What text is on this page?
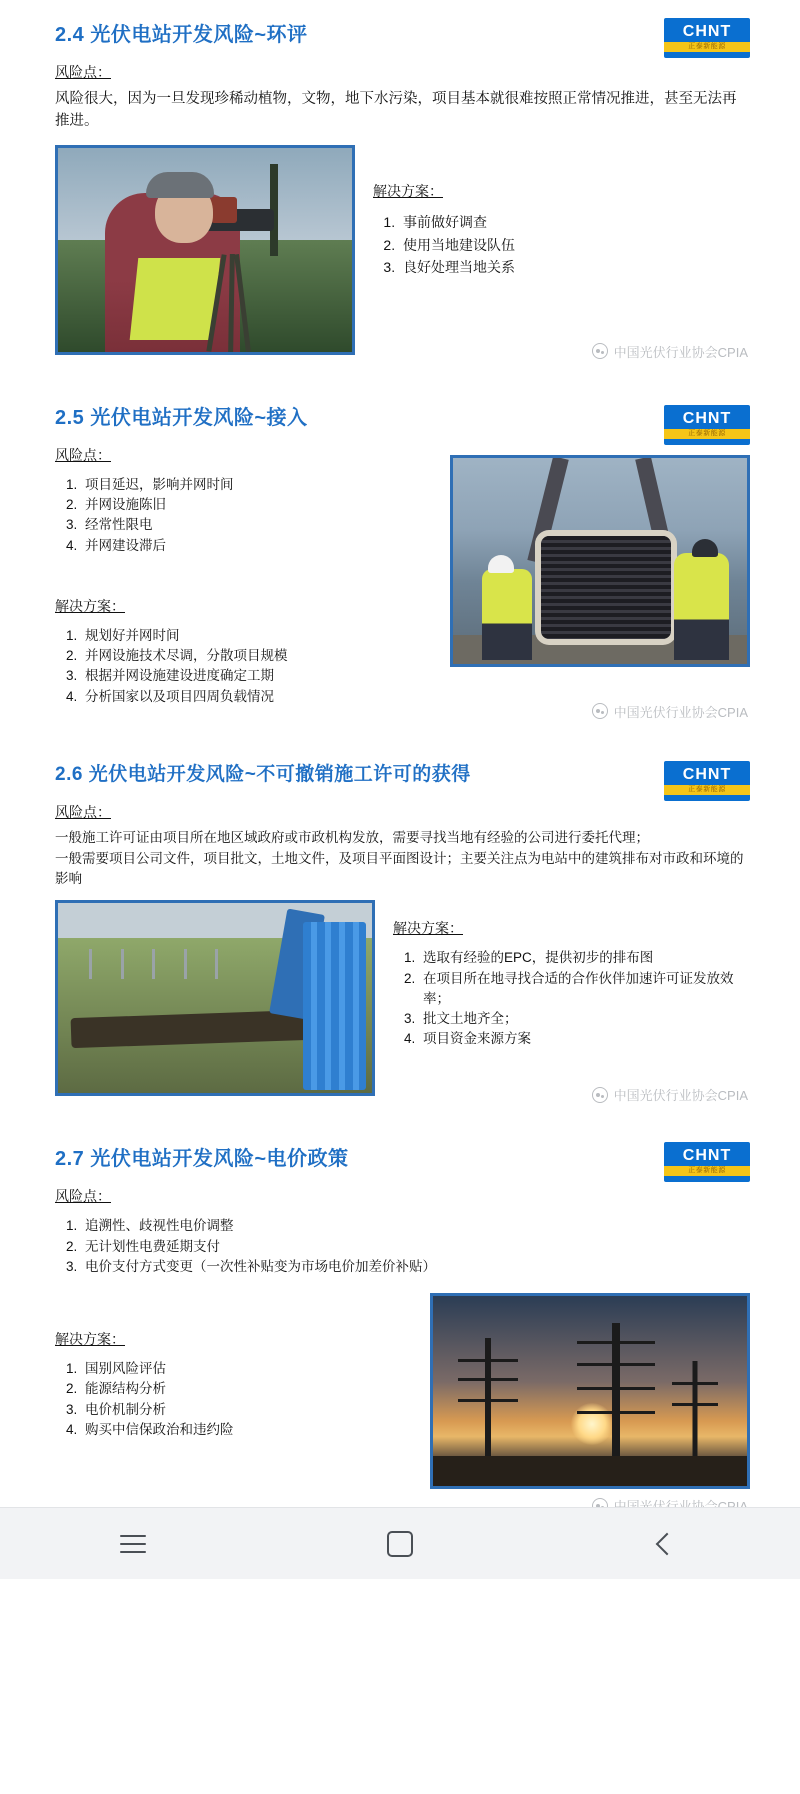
CHNT
正泰新能源
2.4 光伏电站开发风险~环评
风险点：

风险很大，因为一旦发现珍稀动植物，文物，地下水污染，项目基本就很难按照正常情况推进，甚至无法再推进。

解决方案：
1. 事前做好调查
2. 使用当地建设队伍
3. 良好处理当地关系
中国光伏行业协会CPIA
CHNT
正泰新能源
2.5 光伏电站开发风险~接入
风险点：
1. 项目延迟，影响并网时间
2. 并网设施陈旧
3. 经常性限电
4. 并网建设滞后
解决方案：
1. 规划好并网时间
2. 并网设施技术尽调，分散项目规模
3. 根据并网设施建设进度确定工期
4. 分析国家以及项目四周负载情况
中国光伏行业协会CPIA
CHNT
正泰新能源
2.6 光伏电站开发风险~不可撤销施工许可的获得
风险点：

一般施工许可证由项目所在地区域政府或市政机构发放，需要寻找当地有经验的公司进行委托代理；

一般需要项目公司文件，项目批文，土地文件，及项目平面图设计；主要关注点为电站中的建筑排布对市政和环境的影响

解决方案：
1. 选取有经验的EPC，提供初步的排布图
2. 在项目所在地寻找合适的合作伙伴加速许可证发放效率；
3. 批文土地齐全；
4. 项目资金来源方案
中国光伏行业协会CPIA
CHNT
正泰新能源
2.7 光伏电站开发风险~电价政策
风险点：
1. 追溯性、歧视性电价调整
2. 无计划性电费延期支付
3. 电价支付方式变更（一次性补贴变为市场电价加差价补贴）
解决方案：
1. 国别风险评估
2. 能源结构分析
3. 电价机制分析
4. 购买中信保政治和违约险
